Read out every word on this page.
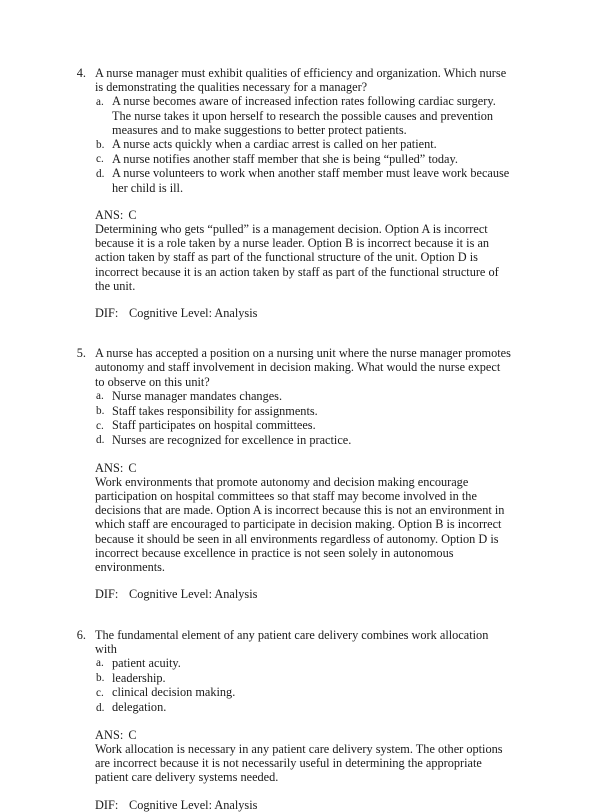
4. A nurse manager must exhibit qualities of efficiency and organization. Which nurse is demonstrating the qualities necessary for a manager?
a. A nurse becomes aware of increased infection rates following cardiac surgery. The nurse takes it upon herself to research the possible causes and prevention measures and to make suggestions to better protect patients.
b. A nurse acts quickly when a cardiac arrest is called on her patient.
c. A nurse notifies another staff member that she is being “pulled” today.
d. A nurse volunteers to work when another staff member must leave work because her child is ill.
ANS: C
Determining who gets “pulled” is a management decision. Option A is incorrect because it is a role taken by a nurse leader. Option B is incorrect because it is an action taken by staff as part of the functional structure of the unit. Option D is incorrect because it is an action taken by staff as part of the functional structure of the unit.
DIF: Cognitive Level: Analysis
5. A nurse has accepted a position on a nursing unit where the nurse manager promotes autonomy and staff involvement in decision making. What would the nurse expect to observe on this unit?
a. Nurse manager mandates changes.
b. Staff takes responsibility for assignments.
c. Staff participates on hospital committees.
d. Nurses are recognized for excellence in practice.
ANS: C
Work environments that promote autonomy and decision making encourage participation on hospital committees so that staff may become involved in the decisions that are made. Option A is incorrect because this is not an environment in which staff are encouraged to participate in decision making. Option B is incorrect because it should be seen in all environments regardless of autonomy. Option D is incorrect because excellence in practice is not seen solely in autonomous environments.
DIF: Cognitive Level: Analysis
6. The fundamental element of any patient care delivery combines work allocation with
a. patient acuity.
b. leadership.
c. clinical decision making.
d. delegation.
ANS: C
Work allocation is necessary in any patient care delivery system. The other options are incorrect because it is not necessarily useful in determining the appropriate patient care delivery systems needed.
DIF: Cognitive Level: Analysis
